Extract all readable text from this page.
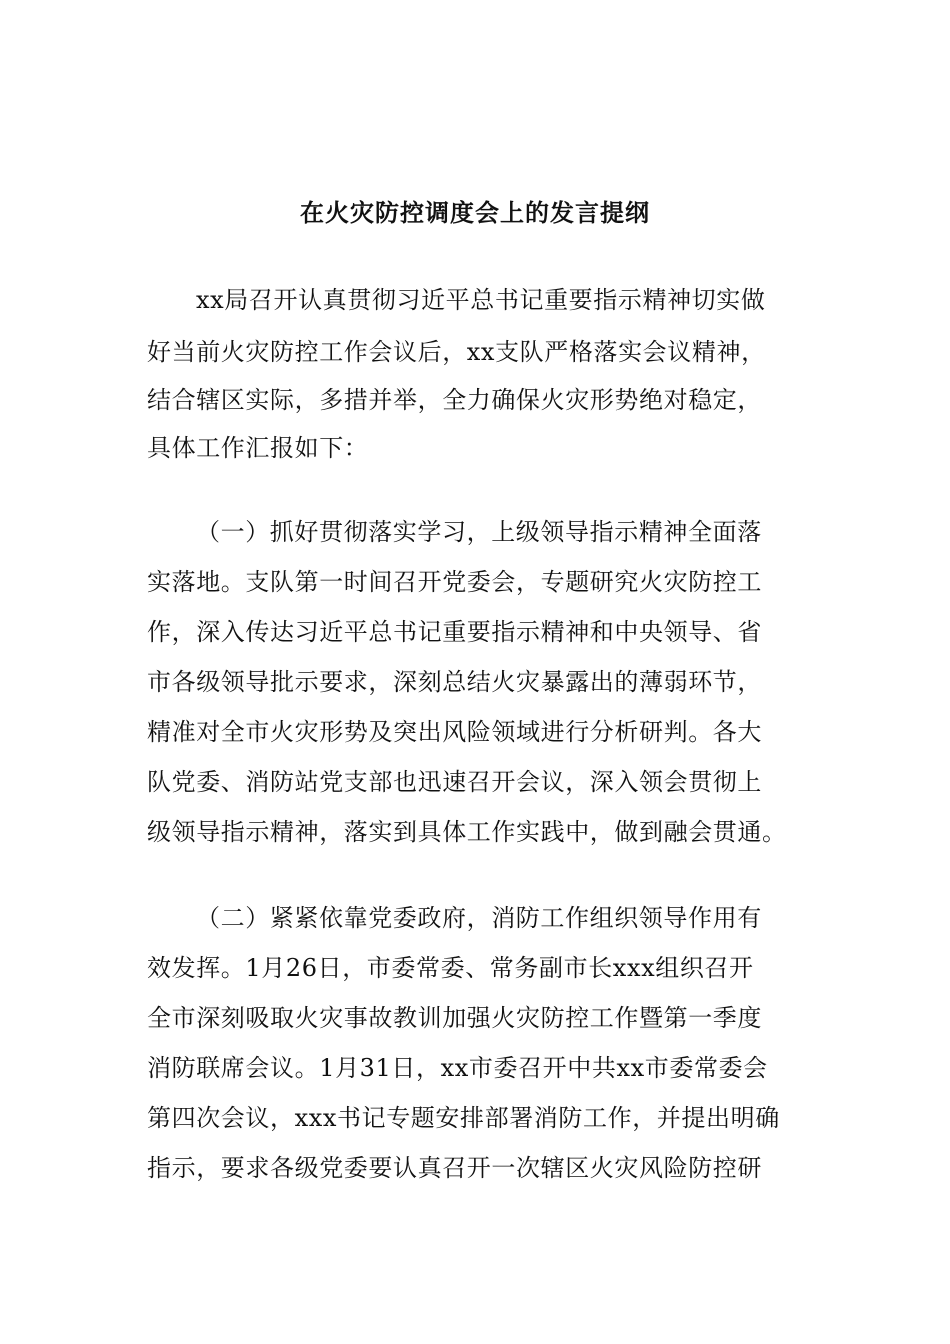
在火灾防控调度会上的发言提纲
xx局召开认真贯彻习近平总书记重要指示精神切实做
好当前火灾防控工作会议后，xx支队严格落实会议精神，
结合辖区实际，多措并举，全力确保火灾形势绝对稳定，
具体工作汇报如下：
（一）抓好贯彻落实学习，上级领导指示精神全面落
实落地。支队第一时间召开党委会，专题研究火灾防控工
作，深入传达习近平总书记重要指示精神和中央领导、省
市各级领导批示要求，深刻总结火灾暴露出的薄弱环节，
精准对全市火灾形势及突出风险领域进行分析研判。各大
队党委、消防站党支部也迅速召开会议，深入领会贯彻上
级领导指示精神，落实到具体工作实践中，做到融会贯通。
（二）紧紧依靠党委政府，消防工作组织领导作用有
效发挥。1月26日，市委常委、常务副市长xxx组织召开
全市深刻吸取火灾事故教训加强火灾防控工作暨第一季度
消防联席会议。1月31日，xx市委召开中共xx市委常委会
第四次会议，xxx书记专题安排部署消防工作，并提出明确
指示，要求各级党委要认真召开一次辖区火灾风险防控研
